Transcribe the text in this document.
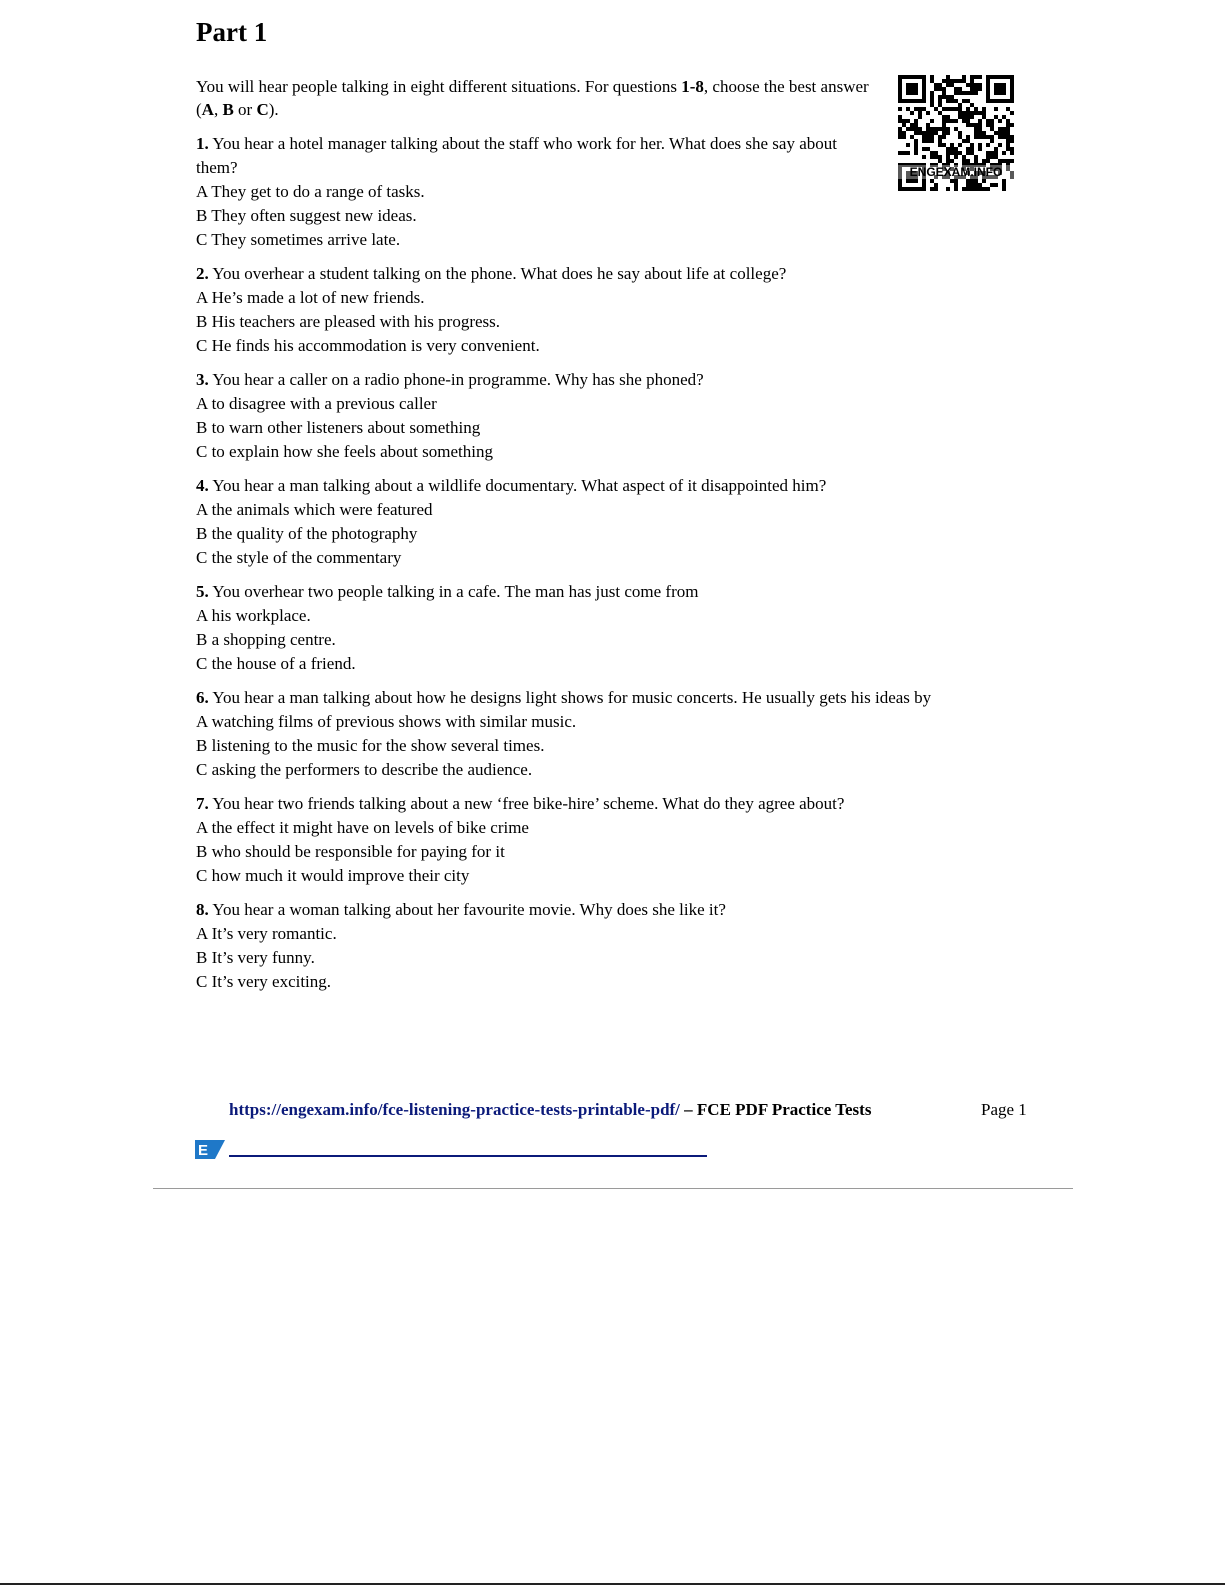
Part 1
You will hear people talking in eight different situations. For questions 1-8, choose the best answer (A, B or C).
ENGEXAM.INFO
1. You hear a hotel manager talking about the staff who work for her. What does she say about them?
A They get to do a range of tasks.
B They often suggest new ideas.
C They sometimes arrive late.
2. You overhear a student talking on the phone. What does he say about life at college?
A He’s made a lot of new friends.
B His teachers are pleased with his progress.
C He finds his accommodation is very convenient.
3. You hear a caller on a radio phone-in programme. Why has she phoned?
A to disagree with a previous caller
B to warn other listeners about something
C to explain how she feels about something
4. You hear a man talking about a wildlife documentary. What aspect of it disappointed him?
A the animals which were featured
B the quality of the photography
C the style of the commentary
5. You overhear two people talking in a cafe. The man has just come from
A his workplace.
B a shopping centre.
C the house of a friend.
6. You hear a man talking about how he designs light shows for music concerts. He usually gets his ideas by
A watching films of previous shows with similar music.
B listening to the music for the show several times.
C asking the performers to describe the audience.
7. You hear two friends talking about a new ‘free bike-hire’ scheme. What do they agree about?
A the effect it might have on levels of bike crime
B who should be responsible for paying for it
C how much it would improve their city
8. You hear a woman talking about her favourite movie. Why does she like it?
A It’s very romantic.
B It’s very funny.
C It’s very exciting.
https://engexam.info/fce-listening-practice-tests-printable-pdf/ – FCE PDF Practice Tests	Page 1
E
